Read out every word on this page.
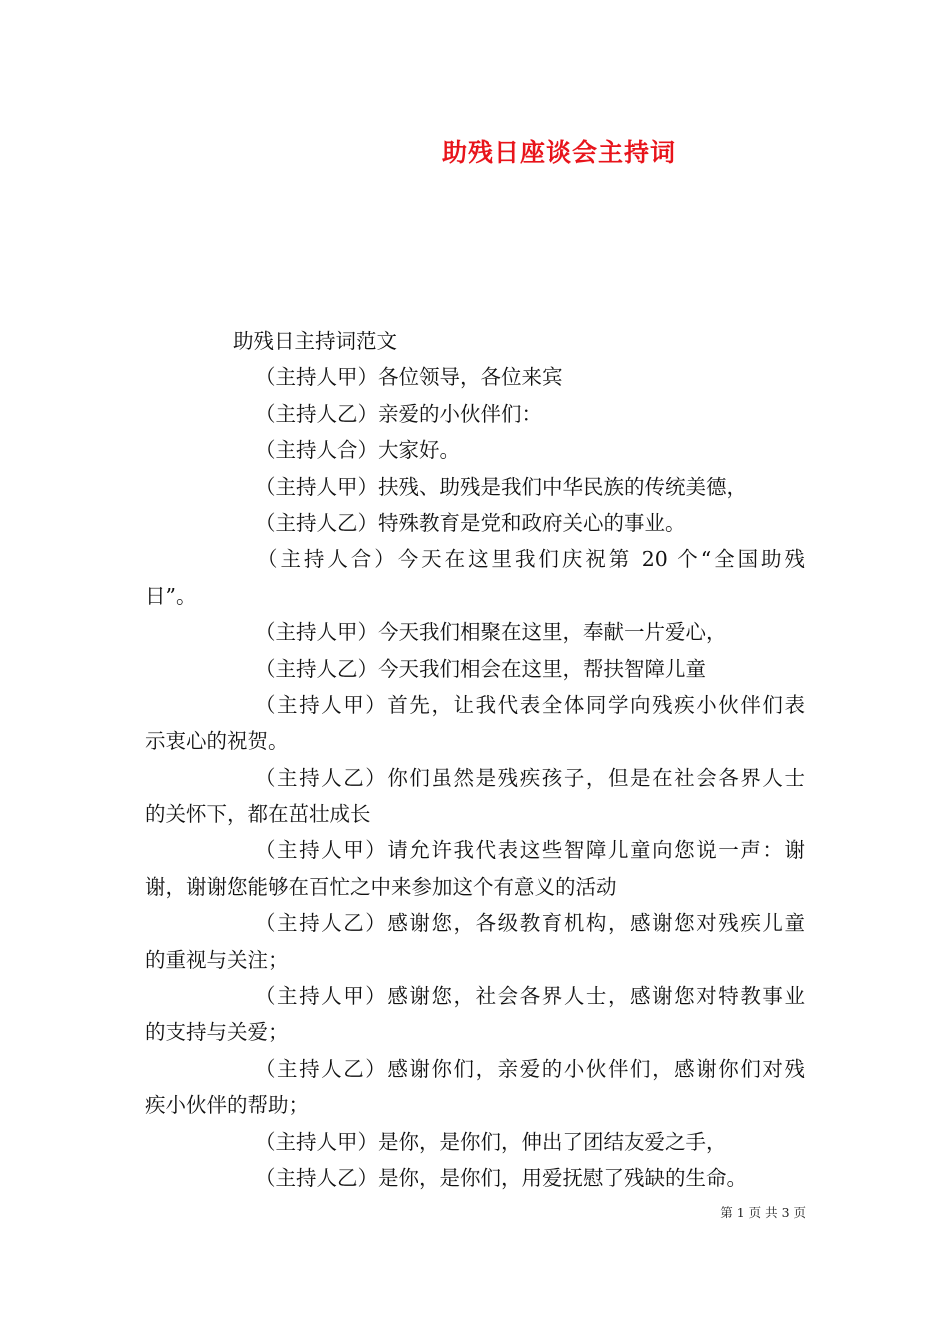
助残日座谈会主持词
助残日主持词范文
（主持人甲）各位领导，各位来宾
（主持人乙）亲爱的小伙伴们：
（主持人合）大家好。
（主持人甲）扶残、助残是我们中华民族的传统美德，
（主持人乙）特殊教育是党和政府关心的事业。
（主持人合）今天在这里我们庆祝第 20 个“全国助残
日”。
（主持人甲）今天我们相聚在这里，奉献一片爱心，
（主持人乙）今天我们相会在这里，帮扶智障儿童
（主持人甲）首先，让我代表全体同学向残疾小伙伴们表
示衷心的祝贺。
（主持人乙）你们虽然是残疾孩子，但是在社会各界人士
的关怀下，都在茁壮成长
（主持人甲）请允许我代表这些智障儿童向您说一声：谢
谢，谢谢您能够在百忙之中来参加这个有意义的活动
（主持人乙）感谢您，各级教育机构，感谢您对残疾儿童
的重视与关注；
（主持人甲）感谢您，社会各界人士，感谢您对特教事业
的支持与关爱；
（主持人乙）感谢你们，亲爱的小伙伴们，感谢你们对残
疾小伙伴的帮助；
（主持人甲）是你，是你们，伸出了团结友爱之手，
（主持人乙）是你，是你们，用爱抚慰了残缺的生命。
第 1 页 共 3 页
